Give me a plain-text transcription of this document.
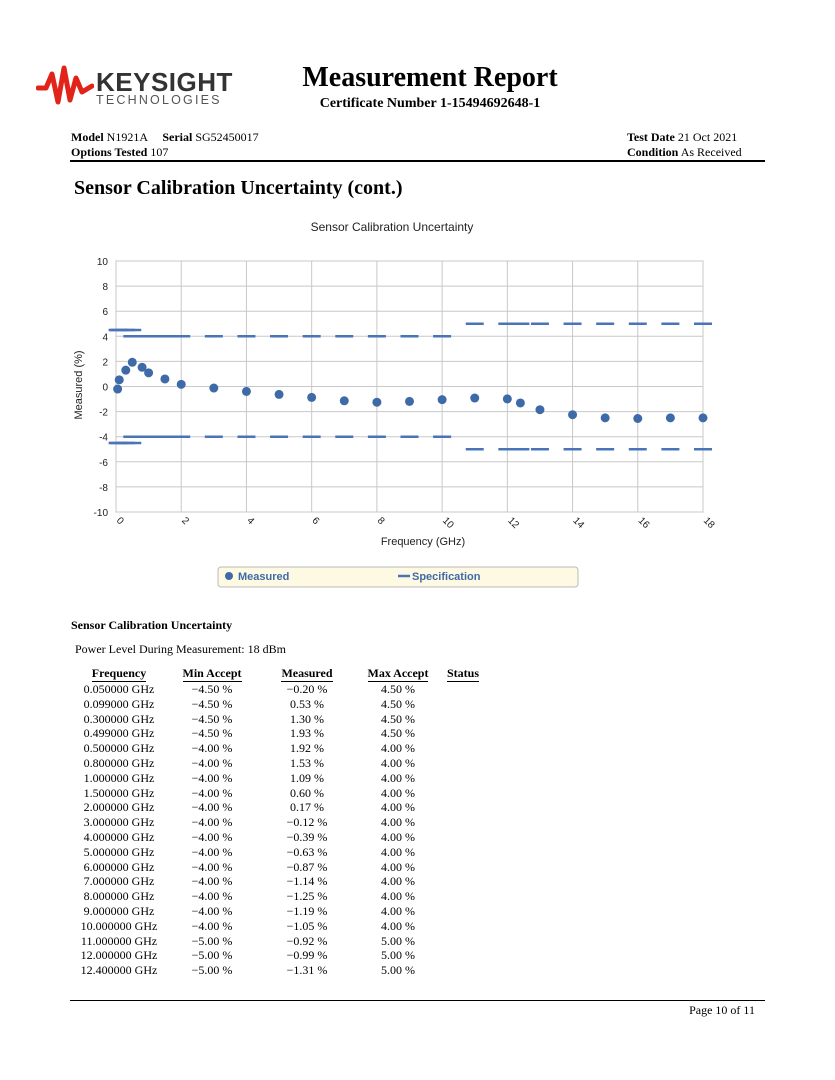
KEYSIGHT
TECHNOLOGIES
Measurement Report
Certificate Number 1-15494692648-1
Model N1921A Serial SG52450017
Options Tested 107
Test Date 21 Oct 2021
Condition As Received
Sensor Calibration Uncertainty (cont.)
Sensor Calibration Uncertainty
-10
-8
-6
-4
-2
0
2
4
6
8
10
0	2	4	6	8	10	12	14	16	18
Frequency (GHz)
Measured (%)
Measured	Specification
Sensor Calibration Uncertainty
Power Level During Measurement: 18 dBm
Frequency	Min Accept	Measured	Max Accept	Status
0.050000 GHz	−4.50 %	−0.20 %	4.50 %	
0.099000 GHz	−4.50 %	0.53 %	4.50 %	
0.300000 GHz	−4.50 %	1.30 %	4.50 %	
0.499000 GHz	−4.50 %	1.93 %	4.50 %	
0.500000 GHz	−4.00 %	1.92 %	4.00 %	
0.800000 GHz	−4.00 %	1.53 %	4.00 %	
1.000000 GHz	−4.00 %	1.09 %	4.00 %	
1.500000 GHz	−4.00 %	0.60 %	4.00 %	
2.000000 GHz	−4.00 %	0.17 %	4.00 %	
3.000000 GHz	−4.00 %	−0.12 %	4.00 %	
4.000000 GHz	−4.00 %	−0.39 %	4.00 %	
5.000000 GHz	−4.00 %	−0.63 %	4.00 %	
6.000000 GHz	−4.00 %	−0.87 %	4.00 %	
7.000000 GHz	−4.00 %	−1.14 %	4.00 %	
8.000000 GHz	−4.00 %	−1.25 %	4.00 %	
9.000000 GHz	−4.00 %	−1.19 %	4.00 %	
10.000000 GHz	−4.00 %	−1.05 %	4.00 %	
11.000000 GHz	−5.00 %	−0.92 %	5.00 %	
12.000000 GHz	−5.00 %	−0.99 %	5.00 %	
12.400000 GHz	−5.00 %	−1.31 %	5.00 %	
Page 10 of 11
